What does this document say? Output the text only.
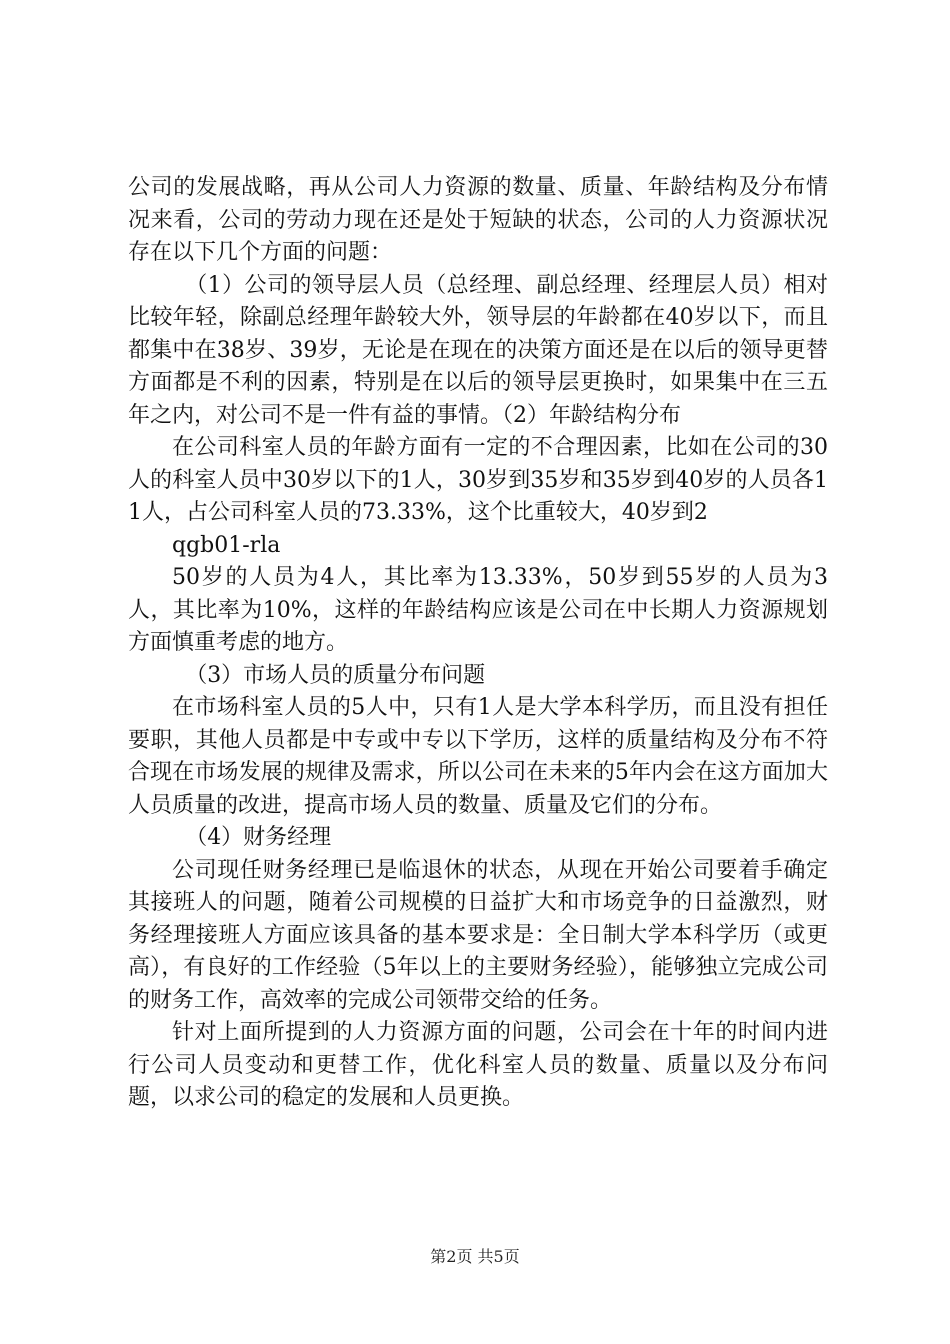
公司的发展战略，再从公司人力资源的数量、质量、年龄结构及分布情况来看，公司的劳动力现在还是处于短缺的状态，公司的人力资源状况存在以下几个方面的问题：

（1）公司的领导层人员（总经理、副总经理、经理层人员）相对比较年轻，除副总经理年龄较大外，领导层的年龄都在40岁以下，而且都集中在38岁、39岁，无论是在现在的决策方面还是在以后的领导更替方面都是不利的因素，特别是在以后的领导层更换时，如果集中在三五年之内，对公司不是一件有益的事情。（2）年龄结构分布

在公司科室人员的年龄方面有一定的不合理因素，比如在公司的30人的科室人员中30岁以下的1人，30岁到35岁和35岁到40岁的人员各11人，占公司科室人员的73.33%，这个比重较大，40岁到2

qgb01-rla

50岁的人员为4人，其比率为13.33%，50岁到55岁的人员为3人，其比率为10%，这样的年龄结构应该是公司在中长期人力资源规划方面慎重考虑的地方。

（3）市场人员的质量分布问题

在市场科室人员的5人中，只有1人是大学本科学历，而且没有担任要职，其他人员都是中专或中专以下学历，这样的质量结构及分布不符合现在市场发展的规律及需求，所以公司在未来的5年内会在这方面加大人员质量的改进，提高市场人员的数量、质量及它们的分布。

（4）财务经理

公司现任财务经理已是临退休的状态，从现在开始公司要着手确定其接班人的问题，随着公司规模的日益扩大和市场竞争的日益激烈，财务经理接班人方面应该具备的基本要求是：全日制大学本科学历（或更高），有良好的工作经验（5年以上的主要财务经验），能够独立完成公司的财务工作，高效率的完成公司领带交给的任务。

针对上面所提到的人力资源方面的问题，公司会在十年的时间内进行公司人员变动和更替工作，优化科室人员的数量、质量以及分布问题，以求公司的稳定的发展和人员更换。

第2页 共5页
